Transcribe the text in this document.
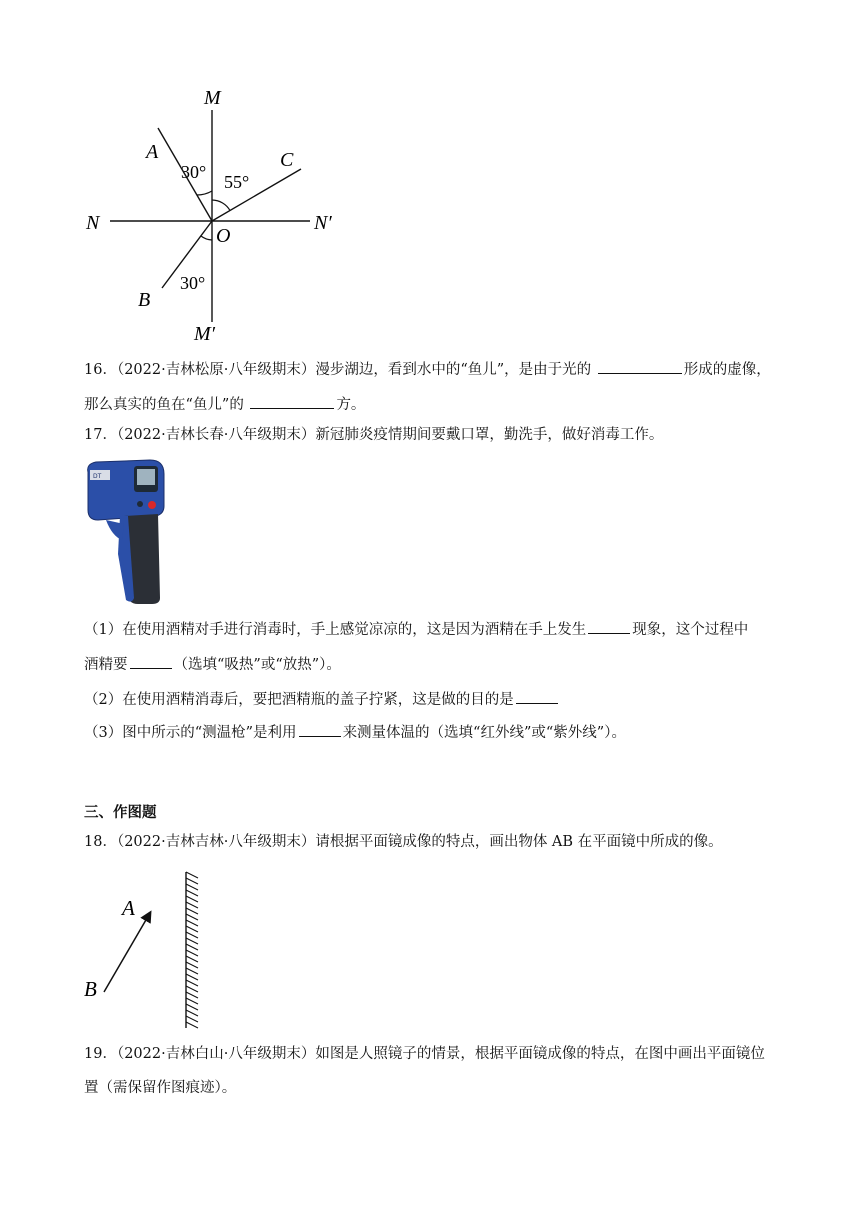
M
M′
N	N′
O
A	C
B
30° 55°
30°
16．（2022·吉林松原·八年级期末）漫步湖边，看到水中的“鱼儿”，是由于光的	形成的虚像，
那么真实的鱼在“鱼儿”的	方。
17．（2022·吉林长春·八年级期末）新冠肺炎疫情期间要戴口罩，勤洗手，做好消毒工作。
DT
（1）在使用酒精对手进行消毒时，手上感觉凉凉的，这是因为酒精在手上发生	现象，这个过程中
酒精要	（选填“吸热”或“放热”）。
（2）在使用酒精消毒后，要把酒精瓶的盖子拧紧，这是做的目的是
（3）图中所示的“测温枪”是利用	来测量体温的（选填“红外线”或“紫外线”）。
三、作图题
18．（2022·吉林吉林·八年级期末）请根据平面镜成像的特点，画出物体 AB 在平面镜中所成的像。
A
B
19．（2022·吉林白山·八年级期末）如图是人照镜子的情景，根据平面镜成像的特点，在图中画出平面镜位
置（需保留作图痕迹）。
